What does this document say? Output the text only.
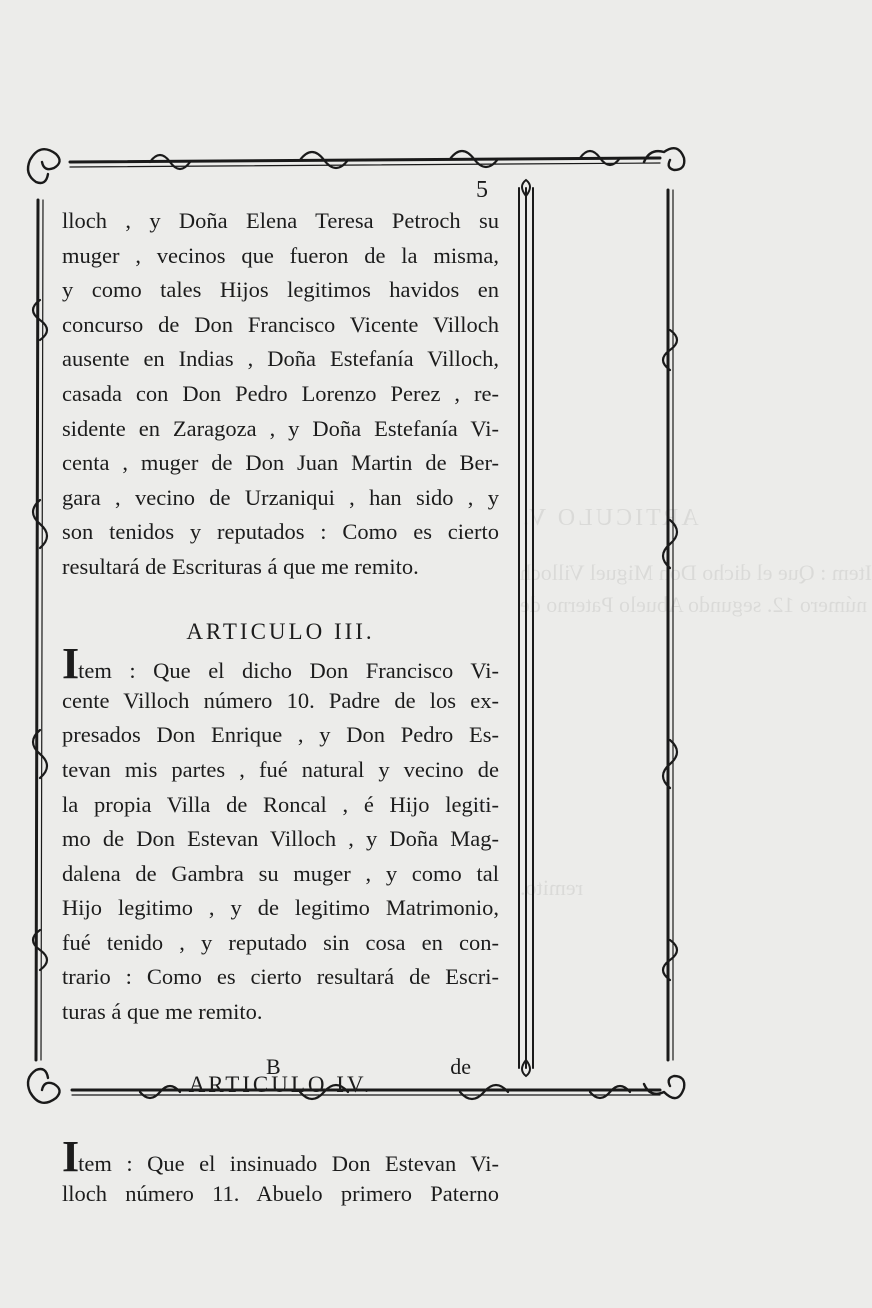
Item : Que el dicho Don Miguel Villoch
número 12. segundo Abuelo Paterno de
ARTICULO V.
remito.
5
lloch , y Doña Elena Teresa Petroch su
muger , vecinos que fueron de la misma,
y como tales Hijos legitimos havidos en
concurso de Don Francisco Vicente Villoch
ausente en Indias , Doña Estefanía Villoch,
casada con Don Pedro Lorenzo Perez , re-
sidente en Zaragoza , y Doña Estefanía Vi-
centa , muger de Don Juan Martin de Ber-
gara , vecino de Urzaniqui , han sido , y
son tenidos y reputados : Como es cierto
resultará de Escrituras á que me remito.
ARTICULO III.
Item : Que el dicho Don Francisco Vi-
cente Villoch número 10. Padre de los ex-
presados Don Enrique , y Don Pedro Es-
tevan mis partes , fué natural y vecino de
la propia Villa de Roncal , é Hijo legiti-
mo de Don Estevan Villoch , y Doña Mag-
dalena de Gambra su muger , y como tal
Hijo legitimo , y de legitimo Matrimonio,
fué tenido , y reputado sin cosa en con-
trario : Como es cierto resultará de Escri-
turas á que me remito.
ARTICULO IV.
Item : Que el insinuado Don Estevan Vi-
lloch número 11. Abuelo primero Paterno
B	de
